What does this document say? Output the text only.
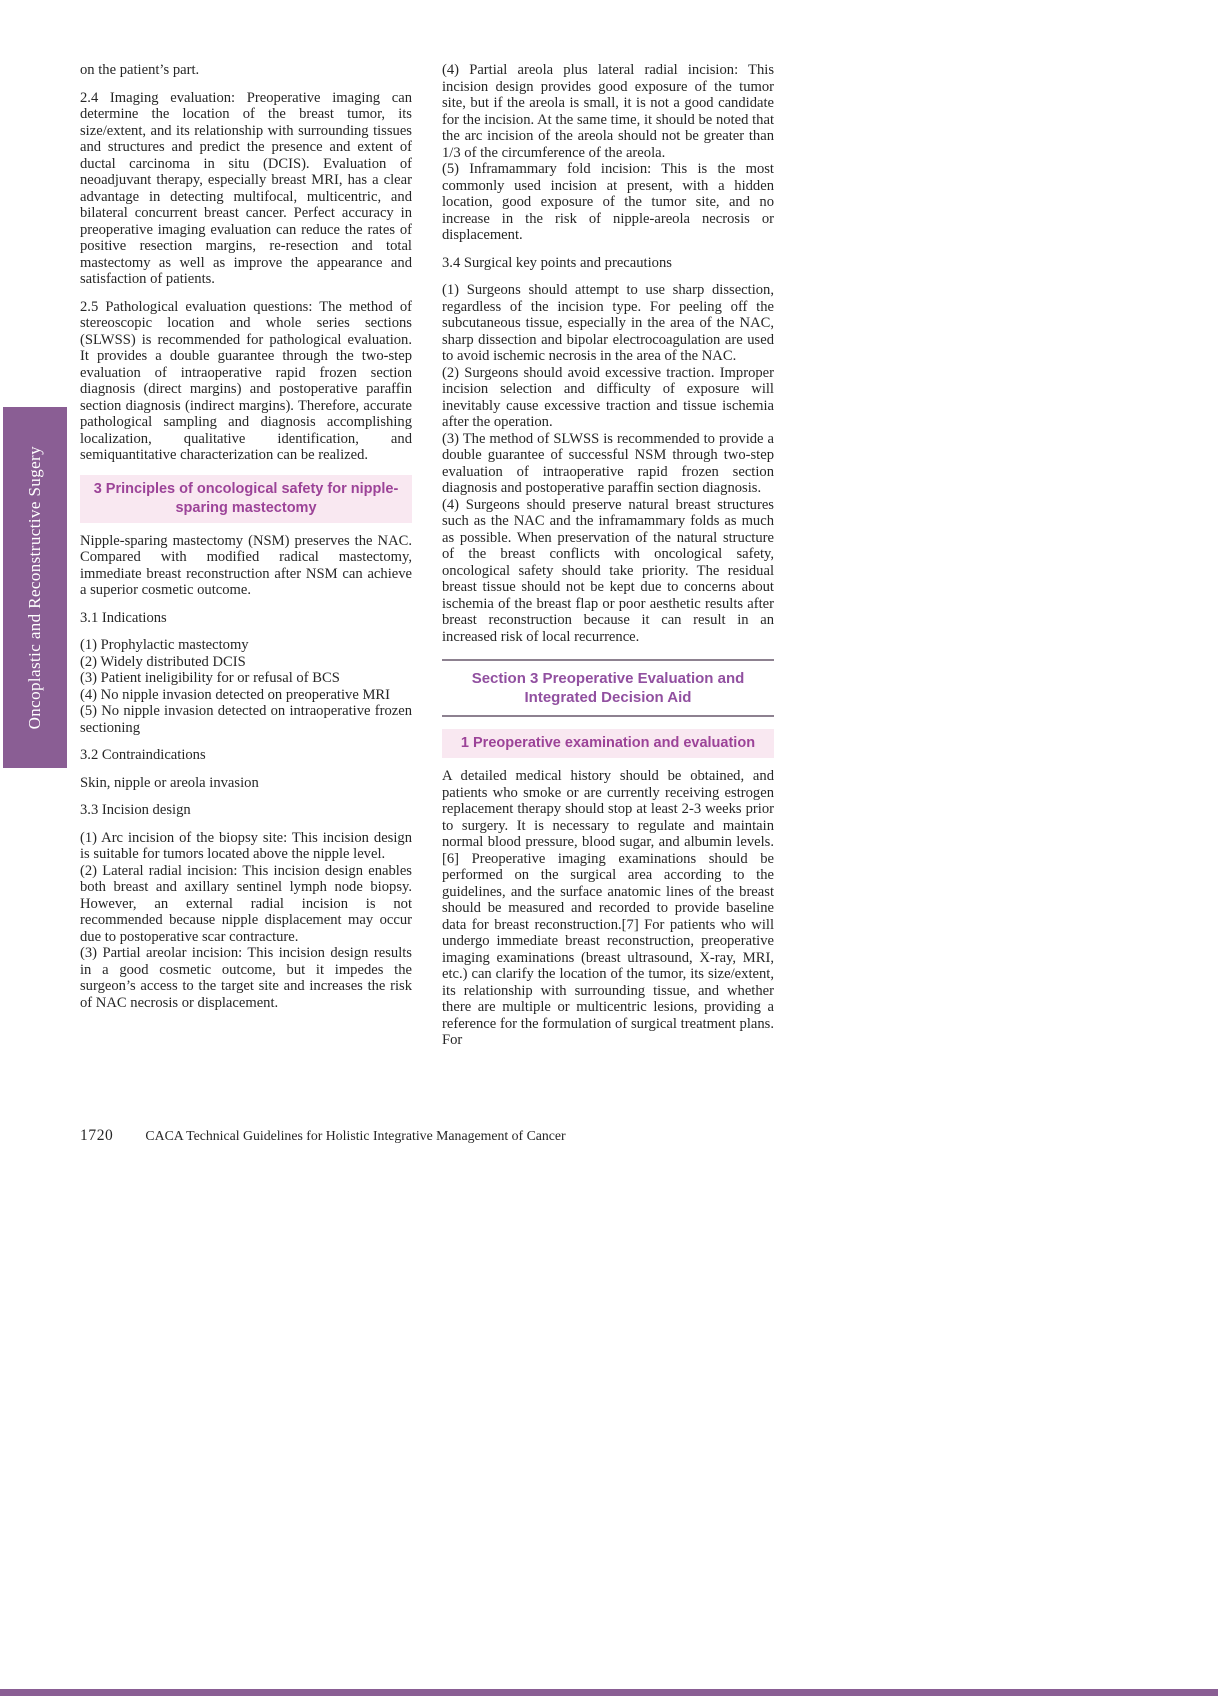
Oncoplastic and Reconstructive Sugery

on the patient’s part.

2.4 Imaging evaluation: Preoperative imaging can determine the location of the breast tumor, its size/extent, and its relationship with surrounding tissues and structures and predict the presence and extent of ductal carcinoma in situ (DCIS). Evaluation of neoadjuvant therapy, especially breast MRI, has a clear advantage in detecting multifocal, multicentric, and bilateral concurrent breast cancer. Perfect accuracy in preoperative imaging evaluation can reduce the rates of positive resection margins, re-resection and total mastectomy as well as improve the appearance and satisfaction of patients.

2.5 Pathological evaluation questions: The method of stereoscopic location and whole series sections (SLWSS) is recommended for pathological evaluation. It provides a double guarantee through the two-step evaluation of intraoperative rapid frozen section diagnosis (direct margins) and postoperative paraffin section diagnosis (indirect margins). Therefore, accurate pathological sampling and diagnosis accomplishing localization, qualitative identification, and semiquantitative characterization can be realized.

3 Principles of oncological safety for nipple-sparing mastectomy

Nipple-sparing mastectomy (NSM) preserves the NAC. Compared with modified radical mastectomy, immediate breast reconstruction after NSM can achieve a superior cosmetic outcome.

3.1 Indications

(1) Prophylactic mastectomy

(2) Widely distributed DCIS

(3) Patient ineligibility for or refusal of BCS

(4) No nipple invasion detected on preoperative MRI

(5) No nipple invasion detected on intraoperative frozen sectioning

3.2 Contraindications

Skin, nipple or areola invasion

3.3 Incision design

(1) Arc incision of the biopsy site: This incision design is suitable for tumors located above the nipple level.

(2) Lateral radial incision: This incision design enables both breast and axillary sentinel lymph node biopsy. However, an external radial incision is not recommended because nipple displacement may occur due to postoperative scar contracture.

(3) Partial areolar incision: This incision design results in a good cosmetic outcome, but it impedes the surgeon’s access to the target site and increases the risk of NAC necrosis or displacement.

(4) Partial areola plus lateral radial incision: This incision design provides good exposure of the tumor site, but if the areola is small, it is not a good candidate for the incision. At the same time, it should be noted that the arc incision of the areola should not be greater than 1/3 of the circumference of the areola.

(5) Inframammary fold incision: This is the most commonly used incision at present, with a hidden location, good exposure of the tumor site, and no increase in the risk of nipple-areola necrosis or displacement.

3.4 Surgical key points and precautions

(1) Surgeons should attempt to use sharp dissection, regardless of the incision type. For peeling off the subcutaneous tissue, especially in the area of the NAC, sharp dissection and bipolar electrocoagulation are used to avoid ischemic necrosis in the area of the NAC.

(2) Surgeons should avoid excessive traction. Improper incision selection and difficulty of exposure will inevitably cause excessive traction and tissue ischemia after the operation.

(3) The method of SLWSS is recommended to provide a double guarantee of successful NSM through two-step evaluation of intraoperative rapid frozen section diagnosis and postoperative paraffin section diagnosis.

(4) Surgeons should preserve natural breast structures such as the NAC and the inframammary folds as much as possible. When preservation of the natural structure of the breast conflicts with oncological safety, oncological safety should take priority. The residual breast tissue should not be kept due to concerns about ischemia of the breast flap or poor aesthetic results after breast reconstruction because it can result in an increased risk of local recurrence.

Section 3 Preoperative Evaluation and Integrated Decision Aid
1 Preoperative examination and evaluation

A detailed medical history should be obtained, and patients who smoke or are currently receiving estrogen replacement therapy should stop at least 2-3 weeks prior to surgery. It is necessary to regulate and maintain normal blood pressure, blood sugar, and albumin levels.[6] Preoperative imaging examinations should be performed on the surgical area according to the guidelines, and the surface anatomic lines of the breast should be measured and recorded to provide baseline data for breast reconstruction.[7] For patients who will undergo immediate breast reconstruction, preoperative imaging examinations (breast ultrasound, X-ray, MRI, etc.) can clarify the location of the tumor, its size/extent, its relationship with surrounding tissue, and whether there are multiple or multicentric lesions, providing a reference for the formulation of surgical treatment plans. For

1720 CACA Technical Guidelines for Holistic Integrative Management of Cancer
